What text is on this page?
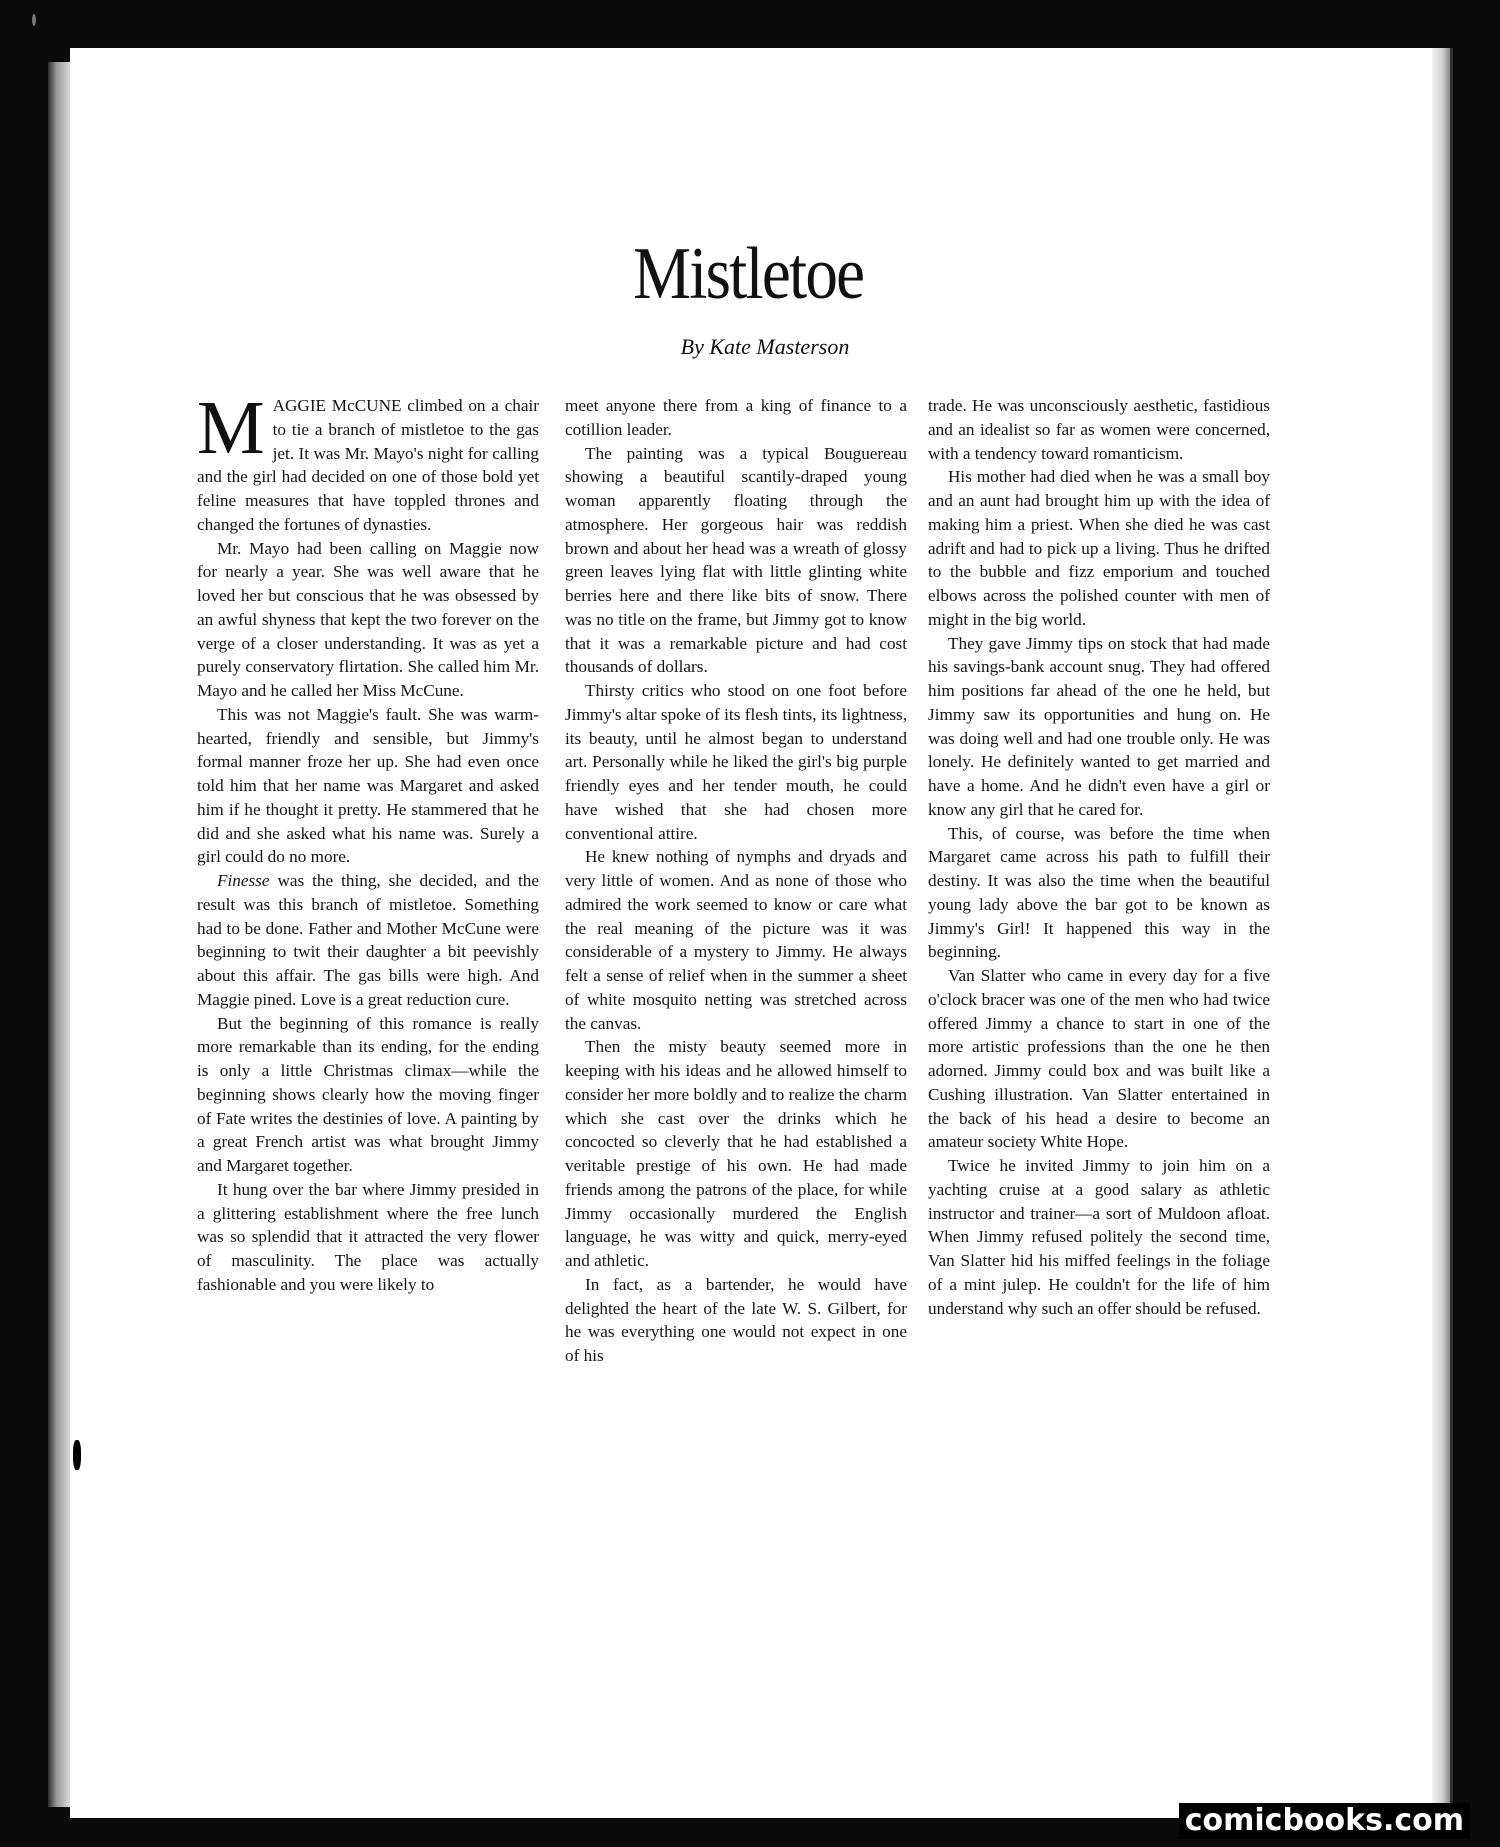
Mistletoe
By Kate Masterson

MAGGIE McCUNE climbed on a chair to tie a branch of mistletoe to the gas jet. It was Mr. Mayo's night for calling and the girl had decided on one of those bold yet feline measures that have toppled thrones and changed the fortunes of dynasties.

Mr. Mayo had been calling on Maggie now for nearly a year. She was well aware that he loved her but conscious that he was obsessed by an awful shyness that kept the two forever on the verge of a closer understanding. It was as yet a purely conservatory flirtation. She called him Mr. Mayo and he called her Miss McCune.

This was not Maggie's fault. She was warm-hearted, friendly and sensible, but Jimmy's formal manner froze her up. She had even once told him that her name was Margaret and asked him if he thought it pretty. He stammered that he did and she asked what his name was. Surely a girl could do no more.

Finesse was the thing, she decided, and the result was this branch of mistletoe. Something had to be done. Father and Mother McCune were beginning to twit their daughter a bit peevishly about this affair. The gas bills were high. And Maggie pined. Love is a great reduction cure.

But the beginning of this romance is really more remarkable than its ending, for the ending is only a little Christmas climax—while the beginning shows clearly how the moving finger of Fate writes the destinies of love. A painting by a great French artist was what brought Jimmy and Margaret together.

It hung over the bar where Jimmy presided in a glittering establishment where the free lunch was so splendid that it attracted the very flower of masculinity. The place was actually fashionable and you were likely to

meet anyone there from a king of finance to a cotillion leader.

The painting was a typical Bouguereau showing a beautiful scantily-draped young woman apparently floating through the atmosphere. Her gorgeous hair was reddish brown and about her head was a wreath of glossy green leaves lying flat with little glinting white berries here and there like bits of snow. There was no title on the frame, but Jimmy got to know that it was a remarkable picture and had cost thousands of dollars.

Thirsty critics who stood on one foot before Jimmy's altar spoke of its flesh tints, its lightness, its beauty, until he almost began to understand art. Personally while he liked the girl's big purple friendly eyes and her tender mouth, he could have wished that she had chosen more conventional attire.

He knew nothing of nymphs and dryads and very little of women. And as none of those who admired the work seemed to know or care what the real meaning of the picture was it was considerable of a mystery to Jimmy. He always felt a sense of relief when in the summer a sheet of white mosquito netting was stretched across the canvas.

Then the misty beauty seemed more in keeping with his ideas and he allowed himself to consider her more boldly and to realize the charm which she cast over the drinks which he concocted so cleverly that he had established a veritable prestige of his own. He had made friends among the patrons of the place, for while Jimmy occasionally murdered the English language, he was witty and quick, merry-eyed and athletic.

In fact, as a bartender, he would have delighted the heart of the late W. S. Gilbert, for he was everything one would not expect in one of his

trade. He was unconsciously aesthetic, fastidious and an idealist so far as women were concerned, with a tendency toward romanticism.

His mother had died when he was a small boy and an aunt had brought him up with the idea of making him a priest. When she died he was cast adrift and had to pick up a living. Thus he drifted to the bubble and fizz emporium and touched elbows across the polished counter with men of might in the big world.

They gave Jimmy tips on stock that had made his savings-bank account snug. They had offered him positions far ahead of the one he held, but Jimmy saw its opportunities and hung on. He was doing well and had one trouble only. He was lonely. He definitely wanted to get married and have a home. And he didn't even have a girl or know any girl that he cared for.

This, of course, was before the time when Margaret came across his path to fulfill their destiny. It was also the time when the beautiful young lady above the bar got to be known as Jimmy's Girl! It happened this way in the beginning.

Van Slatter who came in every day for a five o'clock bracer was one of the men who had twice offered Jimmy a chance to start in one of the more artistic professions than the one he then adorned. Jimmy could box and was built like a Cushing illustration. Van Slatter entertained in the back of his head a desire to become an amateur society White Hope.

Twice he invited Jimmy to join him on a yachting cruise at a good salary as athletic instructor and trainer—a sort of Muldoon afloat. When Jimmy refused politely the second time, Van Slatter hid his miffed feelings in the foliage of a mint julep. He couldn't for the life of him understand why such an offer should be refused.

comicbooks.com
